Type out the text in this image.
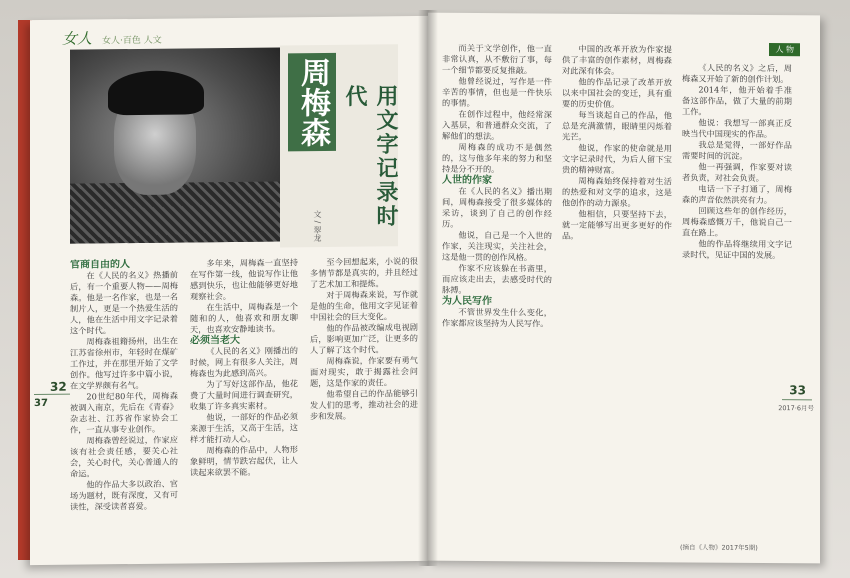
女人 女人·百色 人文
周梅森	用文字记录时代
文 / 翠龙

官商自由的人

在《人民的名义》热播前后，有一个重要人物——周梅森。他是一名作家，也是一名制片人，更是一个热爱生活的人，他在生活中用文字记录着这个时代。

周梅森祖籍扬州，出生在江苏省徐州市，年轻时在煤矿工作过，并在那里开始了文学创作。他写过许多中篇小说，在文学界颇有名气。

20世纪80年代，周梅森被调入南京，先后在《青春》杂志社、江苏省作家协会工作，一直从事专业创作。

周梅森曾经说过，作家应该有社会责任感，要关心社会，关心时代，关心普通人的命运。

他的作品大多以政治、官场为题材，既有深度，又有可读性，深受读者喜爱。

多年来，周梅森一直坚持在写作第一线，他说写作让他感到快乐，也让他能够更好地观察社会。

在生活中，周梅森是一个随和的人，他喜欢和朋友聊天，也喜欢安静地读书。

必须当老大

《人民的名义》刚播出的时候，网上有很多人关注，周梅森也为此感到高兴。

为了写好这部作品，他花费了大量时间进行调查研究，收集了许多真实素材。

他说，一部好的作品必须来源于生活，又高于生活，这样才能打动人心。

周梅森的作品中，人物形象鲜明，情节跌宕起伏，让人读起来欲罢不能。

至今回想起来，小说的很多情节都是真实的，并且经过了艺术加工和提炼。

对于周梅森来说，写作就是他的生命，他用文字见证着中国社会的巨大变化。

他的作品被改编成电视剧后，影响更加广泛，让更多的人了解了这个时代。

周梅森说，作家要有勇气面对现实，敢于揭露社会问题，这是作家的责任。

他希望自己的作品能够引发人们的思考，推动社会的进步和发展。

32
37
人 物

而关于文学创作，他一直非常认真，从不敷衍了事，每一个细节都要反复推敲。

他曾经说过，写作是一件辛苦的事情，但也是一件快乐的事情。

在创作过程中，他经常深入基层，和普通群众交流，了解他们的想法。

周梅森的成功不是偶然的，这与他多年来的努力和坚持是分不开的。

人世的作家

在《人民的名义》播出期间，周梅森接受了很多媒体的采访，谈到了自己的创作经历。

他说，自己是一个入世的作家，关注现实，关注社会，这是他一贯的创作风格。

作家不应该躲在书斋里，而应该走出去，去感受时代的脉搏。

为人民写作

不管世界发生什么变化，作家都应该坚持为人民写作。

中国的改革开放为作家提供了丰富的创作素材，周梅森对此深有体会。

他的作品记录了改革开放以来中国社会的变迁，具有重要的历史价值。

每当谈起自己的作品，他总是充满激情，眼睛里闪烁着光芒。

他说，作家的使命就是用文字记录时代，为后人留下宝贵的精神财富。

周梅森始终保持着对生活的热爱和对文学的追求，这是他创作的动力源泉。

他相信，只要坚持下去，就一定能够写出更多更好的作品。

《人民的名义》之后，周梅森又开始了新的创作计划。

2014年，他开始着手准备这部作品，做了大量的前期工作。

他说：我想写一部真正反映当代中国现实的作品。

我总是觉得，一部好作品需要时间的沉淀。

他一再强调，作家要对读者负责，对社会负责。

电话一下子打通了，周梅森的声音依然洪亮有力。

回顾这些年的创作经历，周梅森感慨万千，他说自己一直在路上。

他的作品将继续用文字记录时代，见证中国的发展。

33
2017·6月号
(摘自《人物》2017年5期)
